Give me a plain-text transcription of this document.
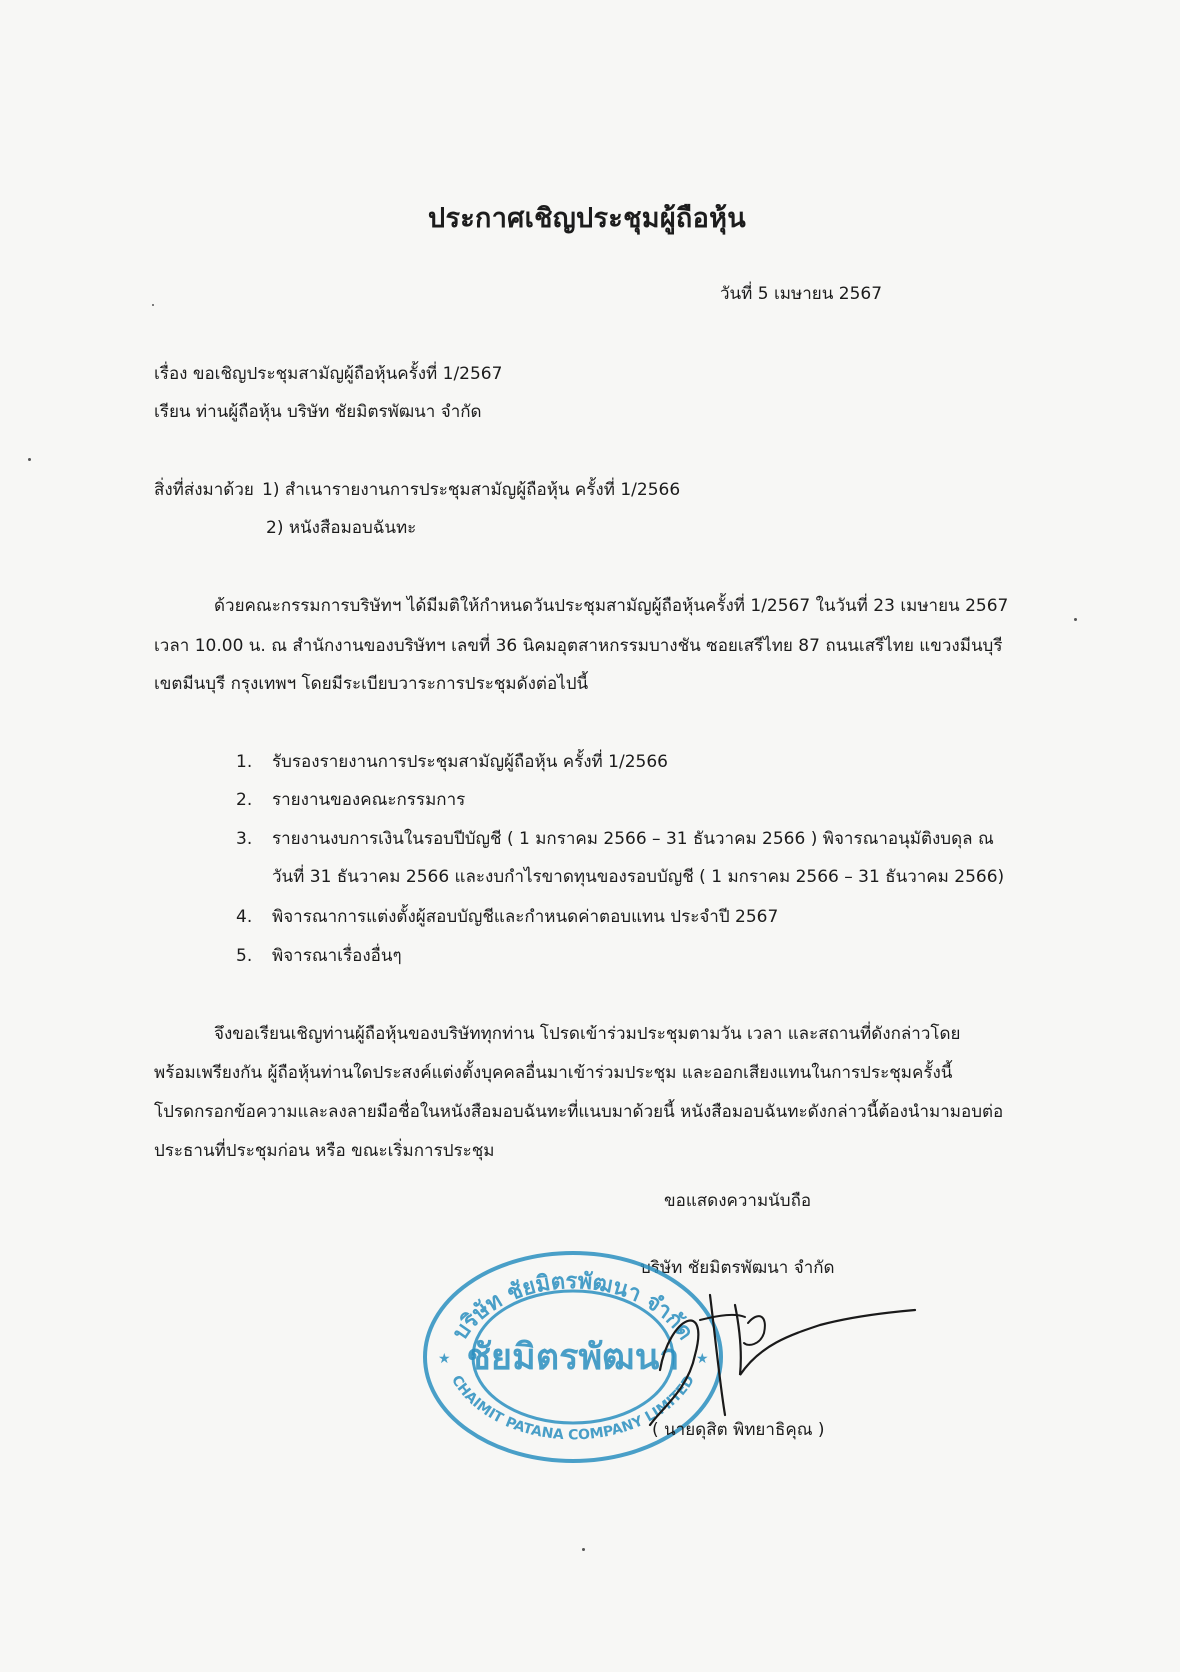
ประกาศเชิญประชุมผู้ถือหุ้น
วันที่ 5 เมษายน 2567
เรื่อง ขอเชิญประชุมสามัญผู้ถือหุ้นครั้งที่ 1/2567
เรียน ท่านผู้ถือหุ้น บริษัท ชัยมิตรพัฒนา จำกัด
สิ่งที่ส่งมาด้วย 1) สำเนารายงานการประชุมสามัญผู้ถือหุ้น ครั้งที่ 1/2566
2) หนังสือมอบฉันทะ
ด้วยคณะกรรมการบริษัทฯ ได้มีมติให้กำหนดวันประชุมสามัญผู้ถือหุ้นครั้งที่ 1/2567 ในวันที่ 23 เมษายน 2567
เวลา 10.00 น. ณ สำนักงานของบริษัทฯ เลขที่ 36 นิคมอุตสาหกรรมบางชัน ซอยเสรีไทย 87 ถนนเสรีไทย แขวงมีนบุรี
เขตมีนบุรี กรุงเทพฯ โดยมีระเบียบวาระการประชุมดังต่อไปนี้
1. รับรองรายงานการประชุมสามัญผู้ถือหุ้น ครั้งที่ 1/2566
2. รายงานของคณะกรรมการ
3. รายงานงบการเงินในรอบปีบัญชี ( 1 มกราคม 2566 – 31 ธันวาคม 2566 ) พิจารณาอนุมัติงบดุล ณ
วันที่ 31 ธันวาคม 2566 และงบกำไรขาดทุนของรอบบัญชี ( 1 มกราคม 2566 – 31 ธันวาคม 2566)
4. พิจารณาการแต่งตั้งผู้สอบบัญชีและกำหนดค่าตอบแทน ประจำปี 2567
5. พิจารณาเรื่องอื่นๆ
จึงขอเรียนเชิญท่านผู้ถือหุ้นของบริษัททุกท่าน โปรดเข้าร่วมประชุมตามวัน เวลา และสถานที่ดังกล่าวโดย
พร้อมเพรียงกัน ผู้ถือหุ้นท่านใดประสงค์แต่งตั้งบุคคลอื่นมาเข้าร่วมประชุม และออกเสียงแทนในการประชุมครั้งนี้
โปรดกรอกข้อความและลงลายมือชื่อในหนังสือมอบฉันทะที่แนบมาด้วยนี้ หนังสือมอบฉันทะดังกล่าวนี้ต้องนำมามอบต่อ
ประธานที่ประชุมก่อน หรือ ขณะเริ่มการประชุม
ขอแสดงความนับถือ
บริษัท ชัยมิตรพัฒนา จำกัด
บริษัท ชัยมิตรพัฒนา จำกัด
CHAIMIT PATANA COMPANY LIMITED
ชัยมิตรพัฒนา
★	★
( นายดุสิต พิทยาธิคุณ )
